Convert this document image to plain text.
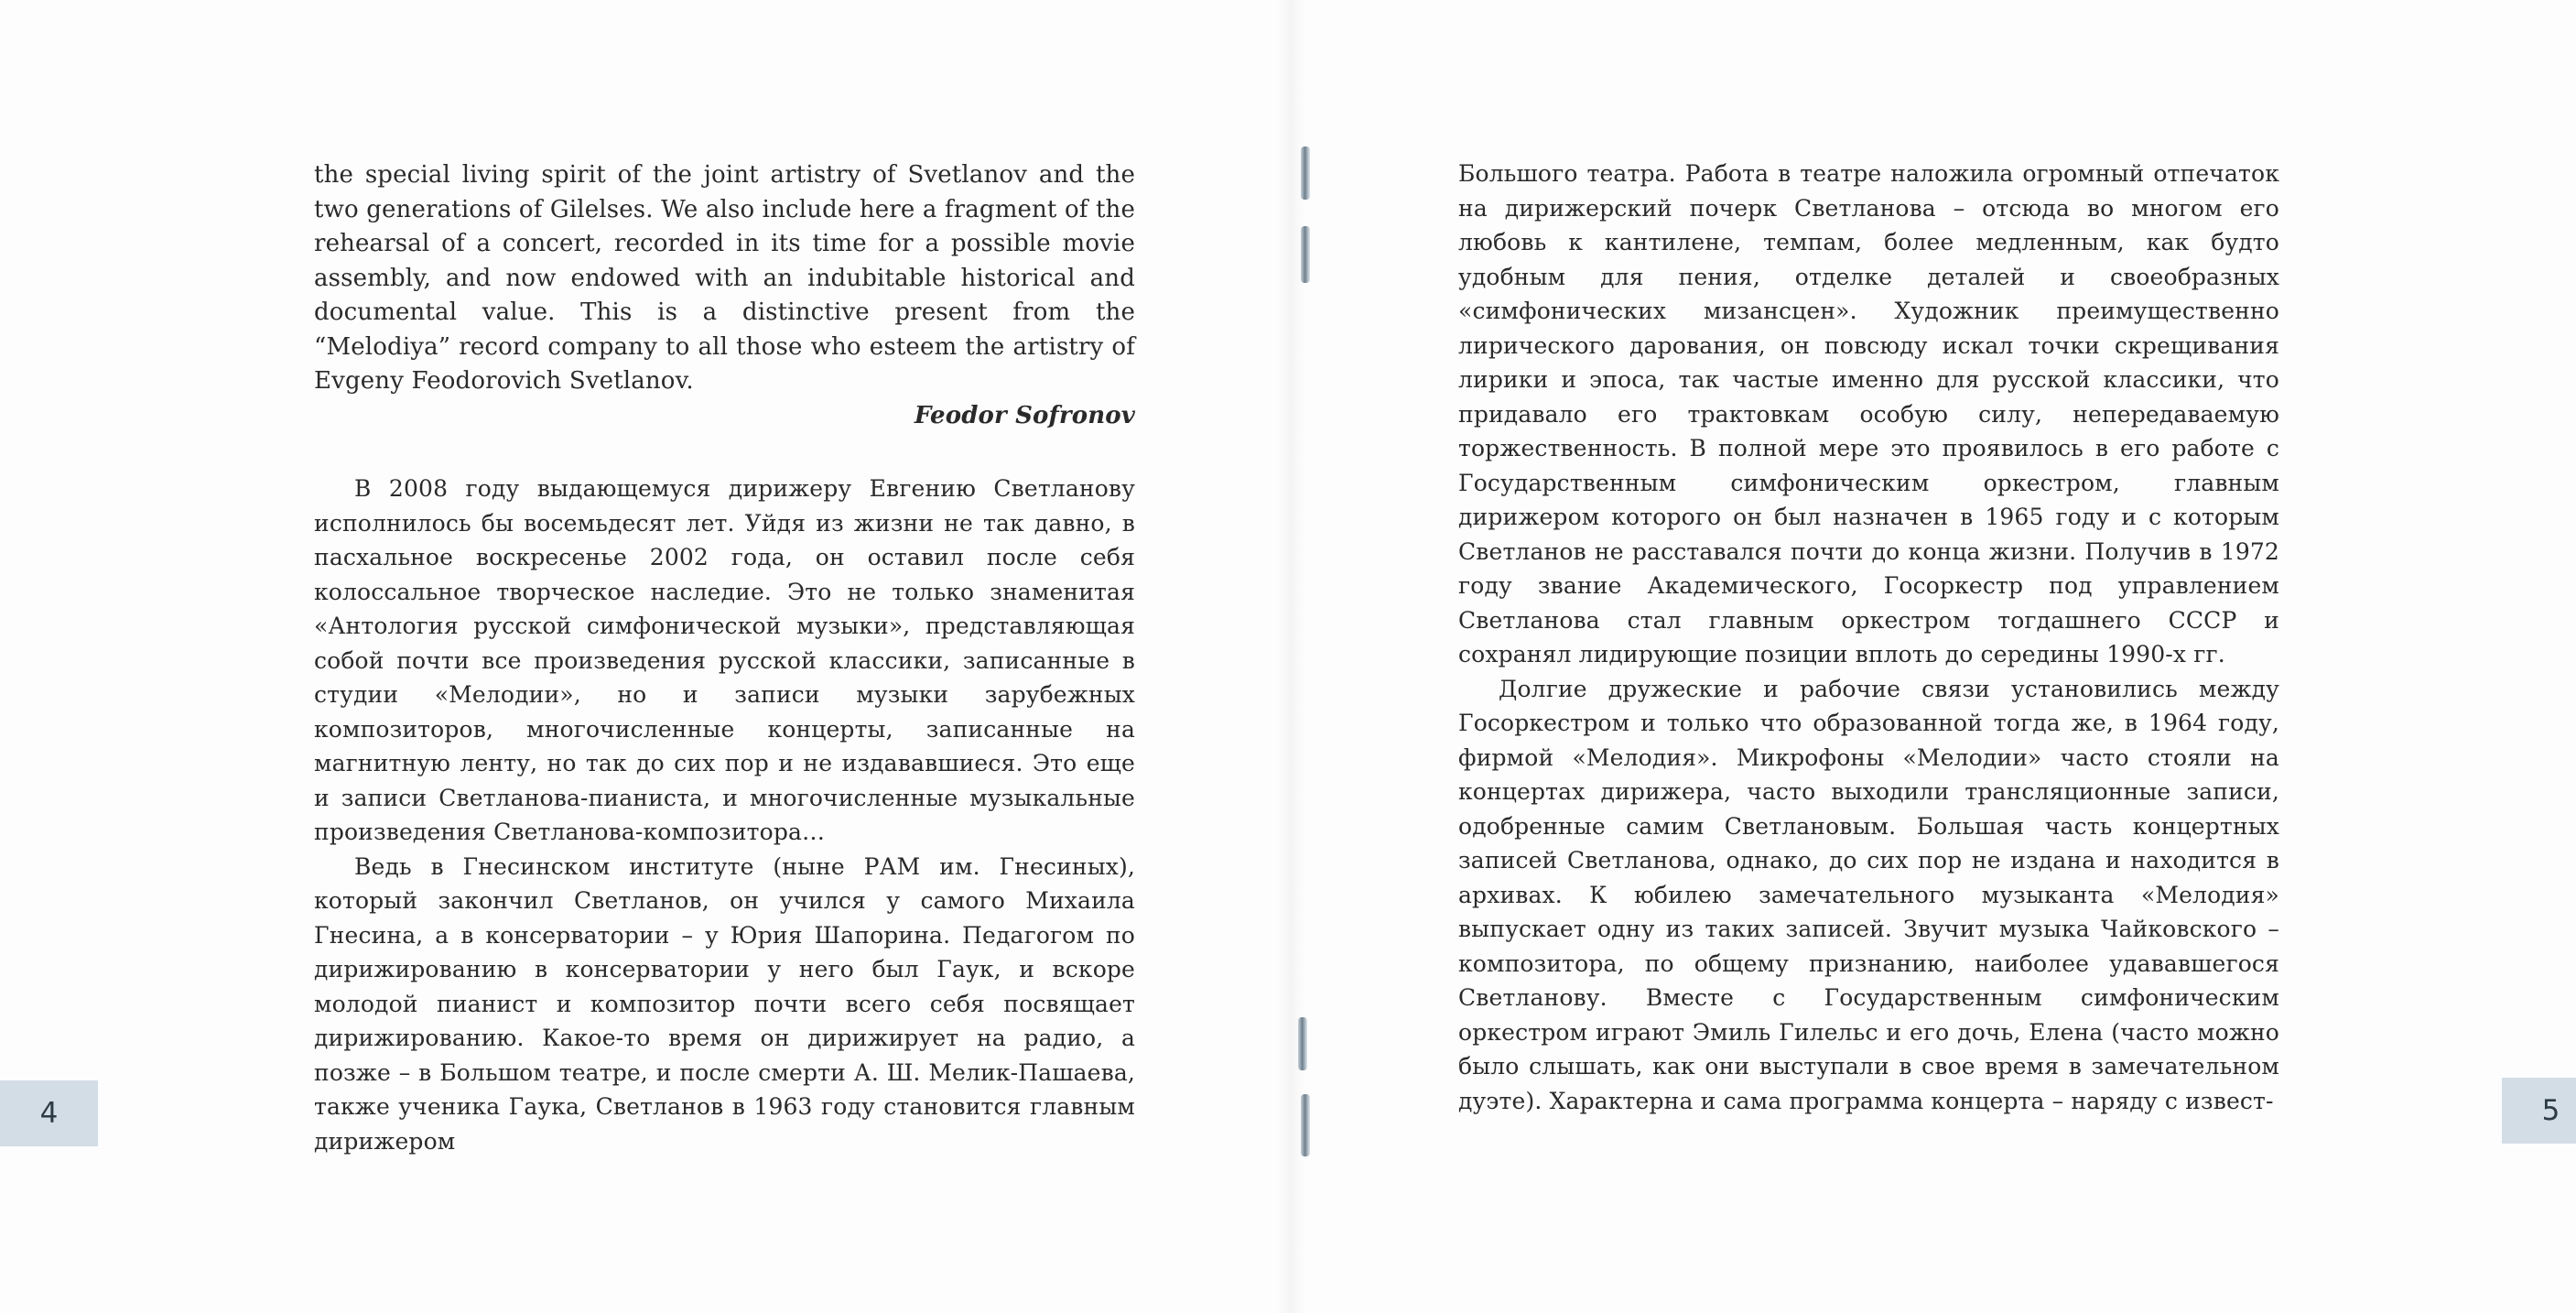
the special living spirit of the joint artistry of Svetlanov and the two generations of Gilelses. We also include here a fragment of the rehearsal of a concert, recorded in its time for a possible movie assembly, and now endowed with an indubitable historical and documental value. This is a distinctive present from the “Melodiya” record company to all those who esteem the artistry of Evgeny Feodorovich Svetlanov.

Feodor Sofronov

В 2008 году выдающемуся дирижеру Евгению Светланову исполнилось бы восемьдесят лет. Уйдя из жизни не так давно, в пасхальное воскресенье 2002 года, он оставил после себя колоссальное творческое наследие. Это не только знаменитая «Антология русской симфонической музыки», представляющая собой почти все произведения русской классики, записанные в студии «Мелодии», но и записи музыки зарубежных композиторов, многочисленные концерты, записанные на магнитную ленту, но так до сих пор и не издававшиеся. Это еще и записи Светланова-пианиста, и многочисленные музыкальные произведения Светланова-композитора…

Ведь в Гнесинском институте (ныне РАМ им. Гнесиных), который закончил Светланов, он учился у самого Михаила Гнесина, а в консерватории – у Юрия Шапорина. Педагогом по дирижированию в консерватории у него был Гаук, и вскоре молодой пианист и композитор почти всего себя посвящает дирижированию. Какое-то время он дирижирует на радио, а позже – в Большом театре, и после смерти А. Ш. Мелик-Пашаева, также ученика Гаука, Светланов в 1963 году становится главным дирижером

Большого театра. Работа в театре наложила огромный отпечаток на дирижерский почерк Светланова – отсюда во многом его любовь к кантилене, темпам, более медленным, как будто удобным для пения, отделке деталей и своеобразных «симфонических мизансцен». Художник преимущественно лирического дарования, он повсюду искал точки скрещивания лирики и эпоса, так частые именно для русской классики, что придавало его трактовкам особую силу, непередаваемую торжественность. В полной мере это проявилось в его работе с Государственным симфоническим оркестром, главным дирижером которого он был назначен в 1965 году и с которым Светланов не расставался почти до конца жизни. Получив в 1972 году звание Академического, Госоркестр под управлением Светланова стал главным оркестром тогдашнего СССР и сохранял лидирующие позиции вплоть до середины 1990-х гг.

Долгие дружеские и рабочие связи установились между Госоркестром и только что образованной тогда же, в 1964 году, фирмой «Мелодия». Микрофоны «Мелодии» часто стояли на концертах дирижера, часто выходили трансляционные записи, одобренные самим Светлановым. Большая часть концертных записей Светланова, однако, до сих пор не издана и находится в архивах. К юбилею замечательного музыканта «Мелодия» выпускает одну из таких записей. Звучит музыка Чайковского – композитора, по общему признанию, наиболее удававшегося Светланову. Вместе с Государственным симфоническим оркестром играют Эмиль Гилельс и его дочь, Елена (часто можно было слышать, как они выступали в свое время в замечательном дуэте). Характерна и сама программа концерта – наряду с извест-

4	5
